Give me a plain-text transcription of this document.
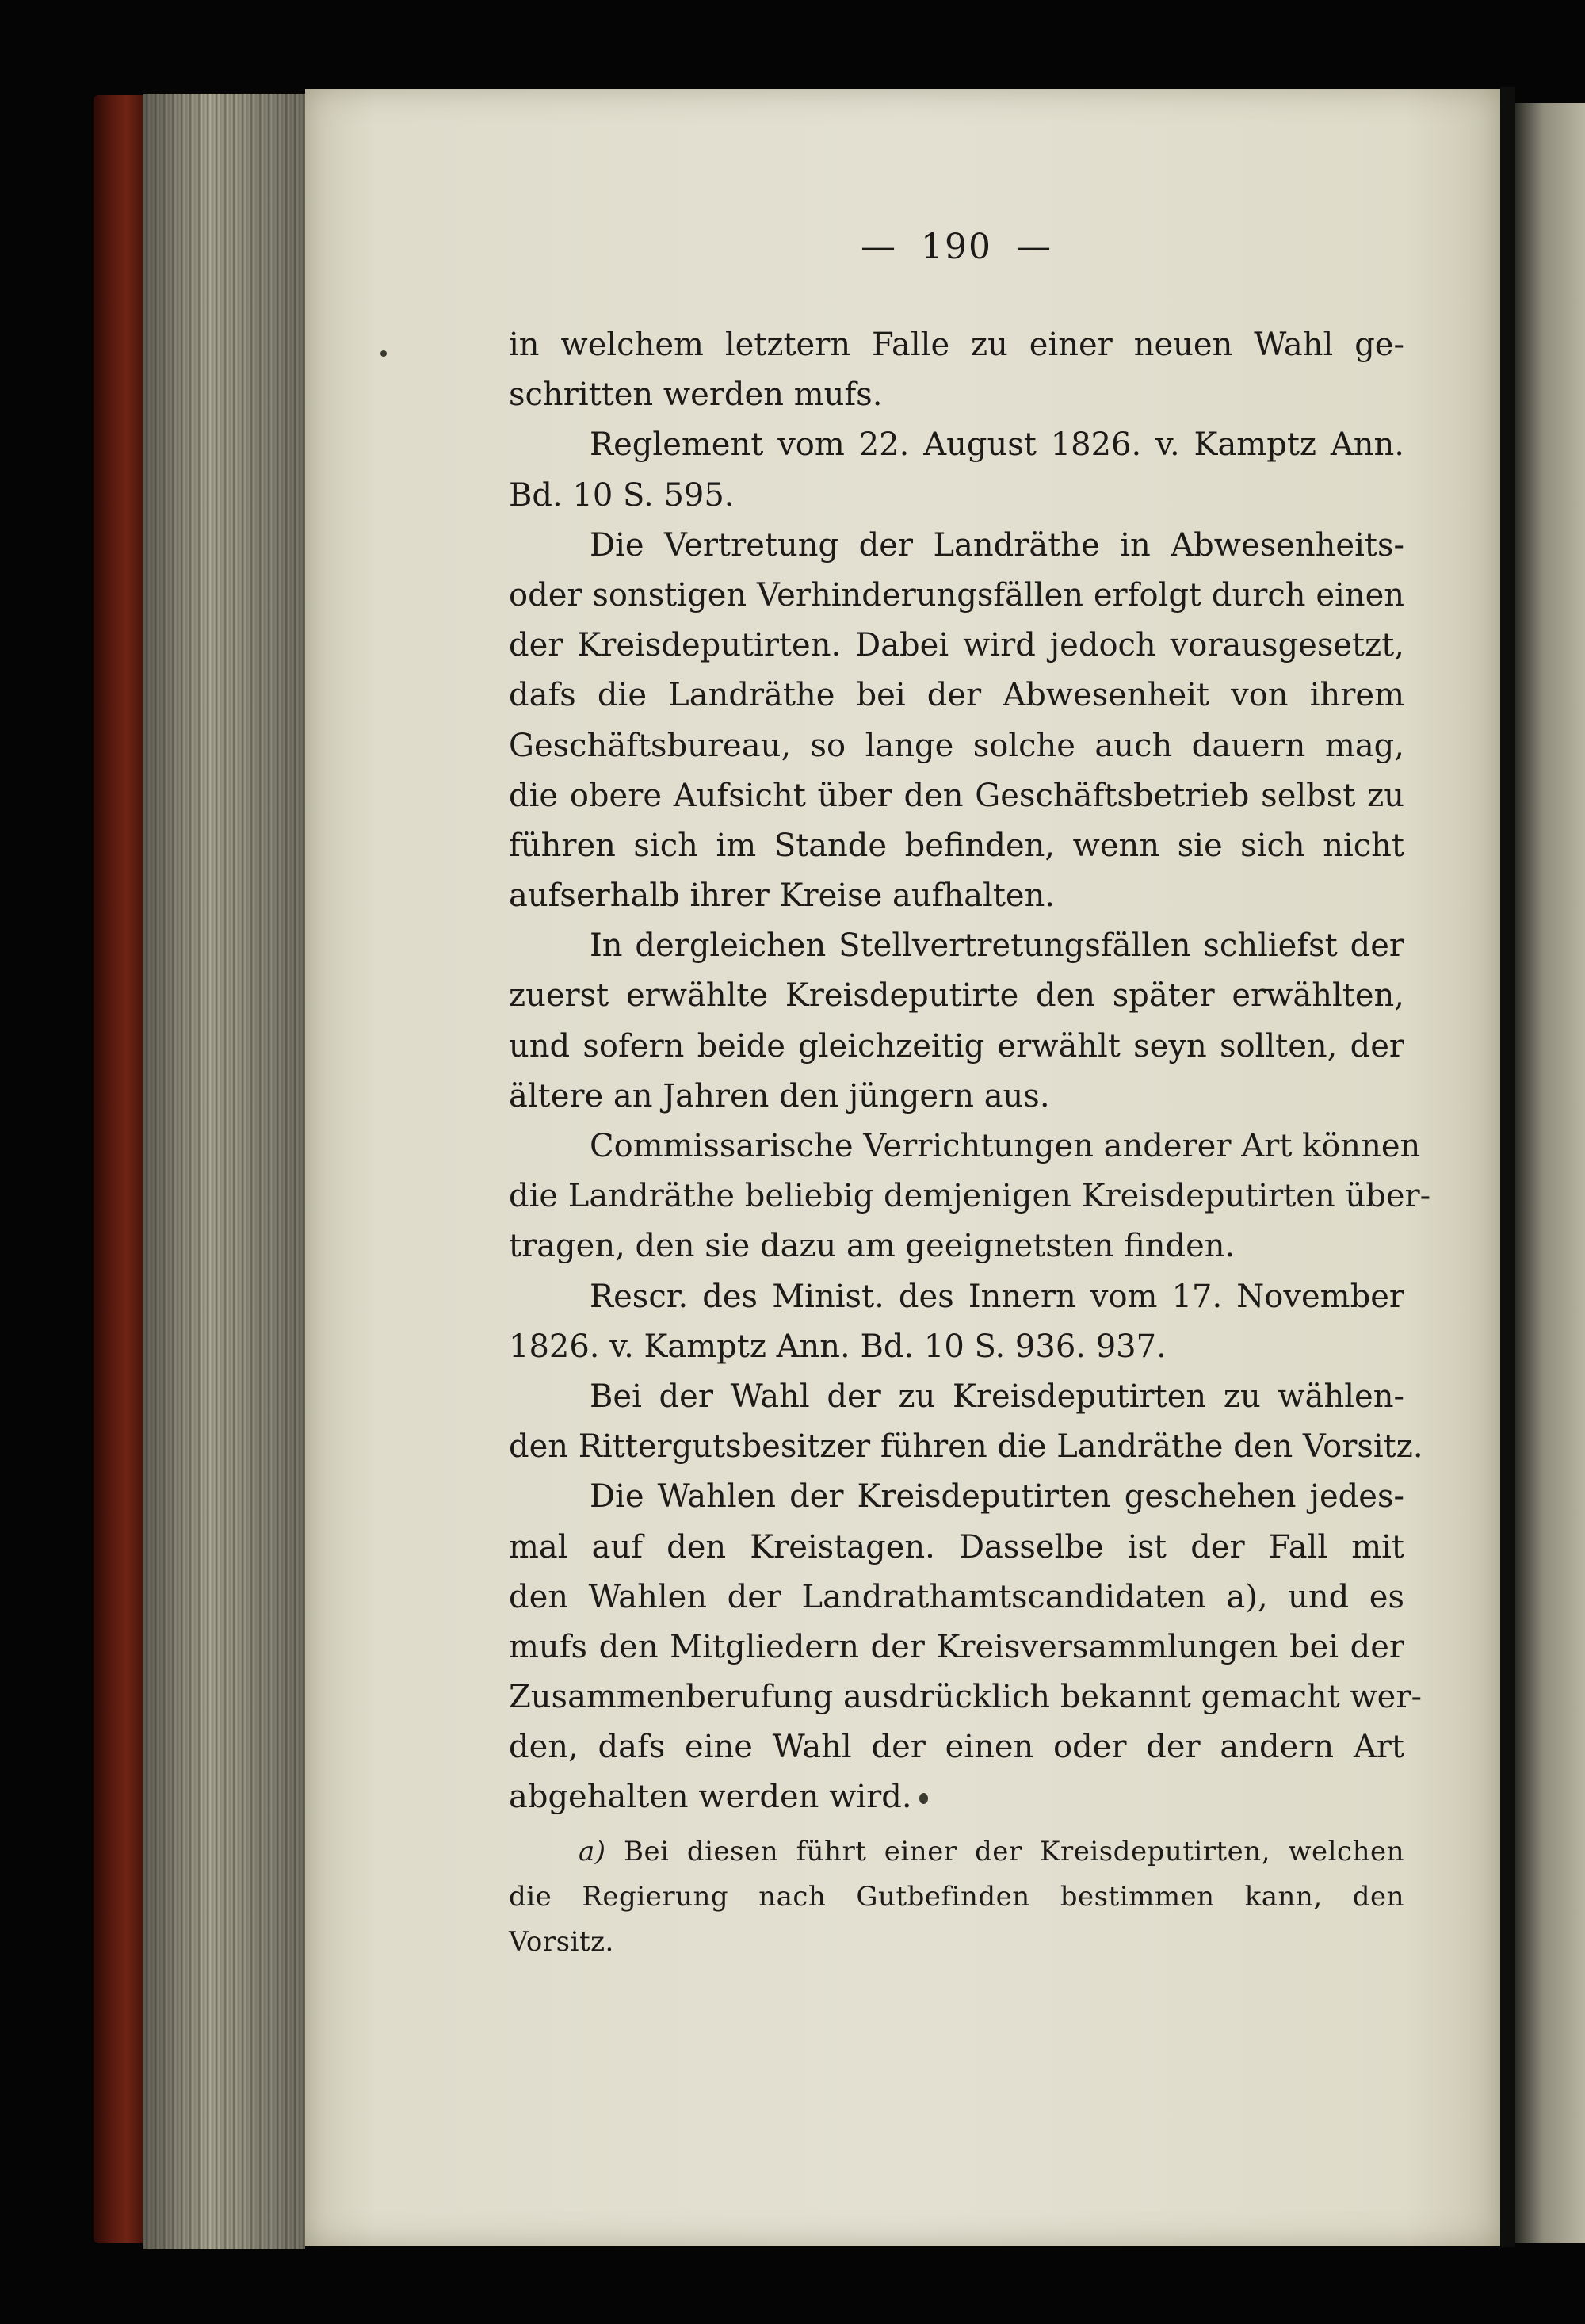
— 190 —
in welchem letztern Falle zu einer neuen Wahl ge-
schritten werden mufs.
Reglement vom 22. August 1826. v. Kamptz Ann.
Bd. 10 S. 595.
Die Vertretung der Landräthe in Abwesenheits-
oder sonstigen Verhinderungsfällen erfolgt durch einen
der Kreisdeputirten. Dabei wird jedoch vorausgesetzt,
dafs die Landräthe bei der Abwesenheit von ihrem
Geschäftsbureau, so lange solche auch dauern mag,
die obere Aufsicht über den Geschäftsbetrieb selbst zu
führen sich im Stande befinden, wenn sie sich nicht
aufserhalb ihrer Kreise aufhalten.
In dergleichen Stellvertretungsfällen schliefst der
zuerst erwählte Kreisdeputirte den später erwählten,
und sofern beide gleichzeitig erwählt seyn sollten, der
ältere an Jahren den jüngern aus.
Commissarische Verrichtungen anderer Art können
die Landräthe beliebig demjenigen Kreisdeputirten über-
tragen, den sie dazu am geeignetsten finden.
Rescr. des Minist. des Innern vom 17. November
1826. v. Kamptz Ann. Bd. 10 S. 936. 937.
Bei der Wahl der zu Kreisdeputirten zu wählen-
den Rittergutsbesitzer führen die Landräthe den Vorsitz.
Die Wahlen der Kreisdeputirten geschehen jedes-
mal auf den Kreistagen. Dasselbe ist der Fall mit
den Wahlen der Landrathamtscandidaten a), und es
mufs den Mitgliedern der Kreisversammlungen bei der
Zusammenberufung ausdrücklich bekannt gemacht wer-
den, dafs eine Wahl der einen oder der andern Art
abgehalten werden wird.
a) Bei diesen führt einer der Kreisdeputirten, welchen
die Regierung nach Gutbefinden bestimmen kann, den
Vorsitz.
